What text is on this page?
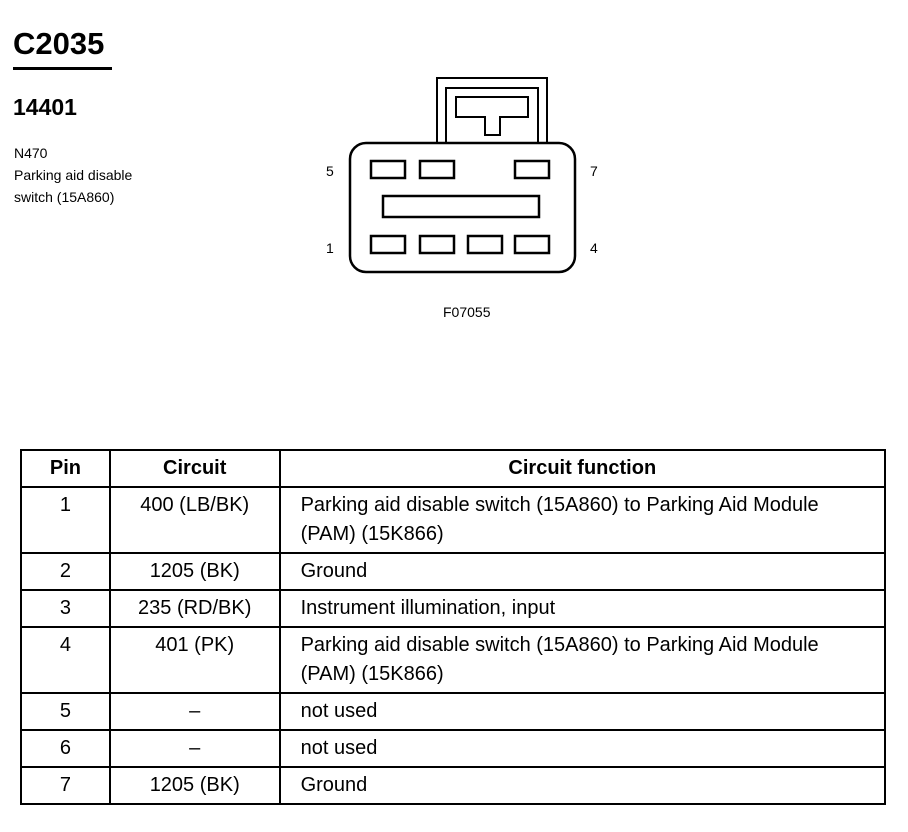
C2035
14401
N470
Parking aid disable
switch (15A860)
5	7
1	4
F07055
Pin	Circuit	Circuit function
1	400 (LB/BK)	Parking aid disable switch (15A860) to Parking Aid Module
(PAM) (15K866)

2	1205 (BK)	Ground

3	235 (RD/BK)	Instrument illumination, input

4	401 (PK)	Parking aid disable switch (15A860) to Parking Aid Module
(PAM) (15K866)

5	–	not used

6	–	not used

7	1205 (BK)	Ground
